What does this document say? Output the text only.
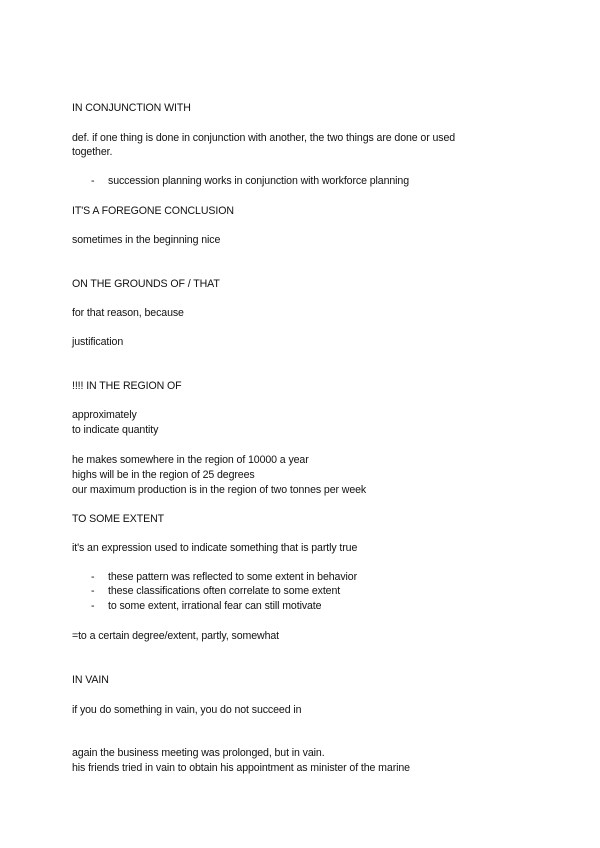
IN CONJUNCTION WITH
def. if one thing is done in conjunction with another, the two things are done or used
together.
- succession planning works in conjunction with workforce planning
IT'S A FOREGONE CONCLUSION
sometimes in the beginning nice
ON THE GROUNDS OF / THAT
for that reason, because
justification
!!!! IN THE REGION OF
approximately
to indicate quantity
he makes somewhere in the region of 10000 a year
highs will be in the region of 25 degrees
our maximum production is in the region of two tonnes per week
TO SOME EXTENT
it's an expression used to indicate something that is partly true
- these pattern was reflected to some extent in behavior
- these classifications often correlate to some extent
- to some extent, irrational fear can still motivate
=to a certain degree/extent, partly, somewhat
IN VAIN
if you do something in vain, you do not succeed in
again the business meeting was prolonged, but in vain.
his friends tried in vain to obtain his appointment as minister of the marine
